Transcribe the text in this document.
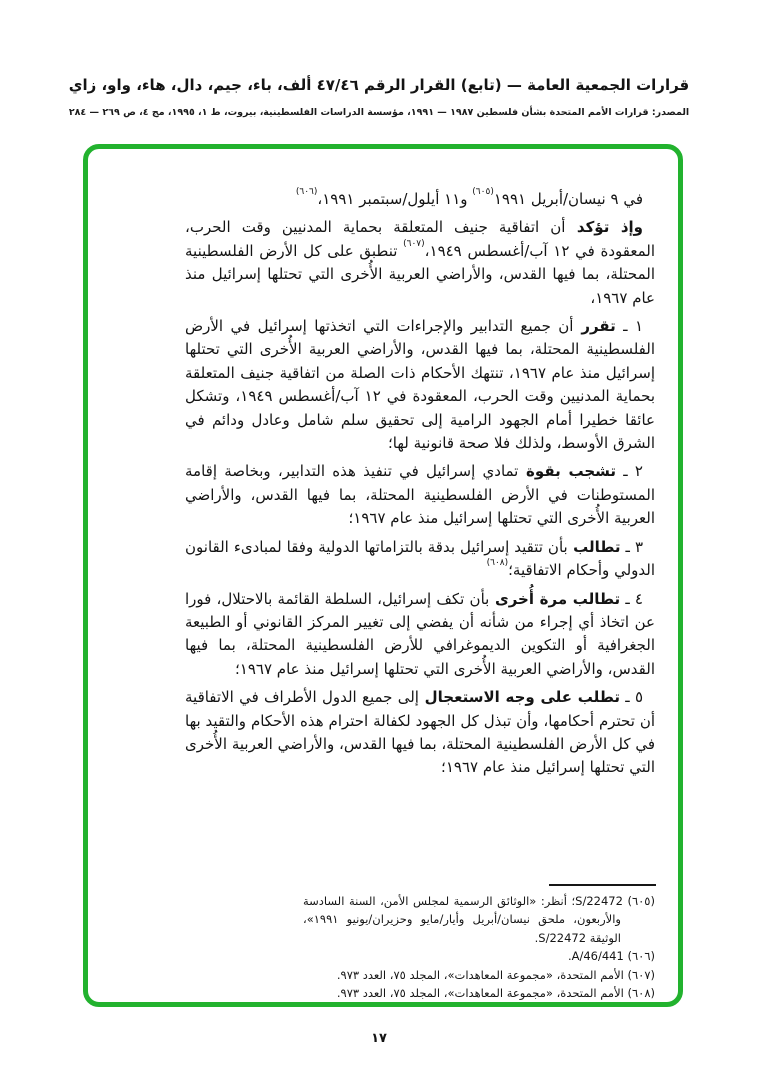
قرارات الجمعية العامة — (تابع) القرار الرقم ٤٧/٤٦ ألف، باء، جيم، دال، هاء، واو، زاي
المصدر: قرارات الأمم المتحدة بشأن فلسطين ١٩٨٧ — ١٩٩١، مؤسسة الدراسات الفلسطينية، بيروت، ط ١، ١٩٩٥، مج ٤، ص ٢٦٩ — ٢٨٤

في ٩ نيسان/أبريل ١٩٩١$^{(٦٠٥)}$ و١١ أيلول/سبتمبر ١٩٩١،$^{(٦٠٦)}$

وإذ تؤكد أن اتفاقية جنيف المتعلقة بحماية المدنيين وقت الحرب، المعقودة في ١٢ آب/أغسطس ١٩٤٩،$^{(٦٠٧)}$ تنطبق على كل الأرض الفلسطينية المحتلة، بما فيها القدس، والأراضي العربية الأُخرى التي تحتلها إسرائيل منذ عام ١٩٦٧،

١ ـ تقرر أن جميع التدابير والإجراءات التي اتخذتها إسرائيل في الأرض الفلسطينية المحتلة، بما فيها القدس، والأراضي العربية الأُخرى التي تحتلها إسرائيل منذ عام ١٩٦٧، تنتهك الأحكام ذات الصلة من اتفاقية جنيف المتعلقة بحماية المدنيين وقت الحرب، المعقودة في ١٢ آب/أغسطس ١٩٤٩، وتشكل عائقا خطيرا أمام الجهود الرامية إلى تحقيق سلم شامل وعادل ودائم في الشرق الأوسط، ولذلك فلا صحة قانونية لها؛

٢ ـ تشجب بقوة تمادي إسرائيل في تنفيذ هذه التدابير، وبخاصة إقامة المستوطنات في الأرض الفلسطينية المحتلة، بما فيها القدس، والأراضي العربية الأُخرى التي تحتلها إسرائيل منذ عام ١٩٦٧؛

٣ ـ تطالب بأن تتقيد إسرائيل بدقة بالتزاماتها الدولية وفقا لمبادىء القانون الدولي وأحكام الاتفاقية؛$^{(٦٠٨)}$

٤ ـ تطالب مرة أُخرى بأن تكف إسرائيل، السلطة القائمة بالاحتلال، فورا عن اتخاذ أي إجراء من شأنه أن يفضي إلى تغيير المركز القانوني أو الطبيعة الجغرافية أو التكوين الديموغرافي للأرض الفلسطينية المحتلة، بما فيها القدس، والأراضي العربية الأُخرى التي تحتلها إسرائيل منذ عام ١٩٦٧؛

٥ ـ تطلب على وجه الاستعجال إلى جميع الدول الأطراف في الاتفاقية أن تحترم أحكامها، وأن تبذل كل الجهود لكفالة احترام هذه الأحكام والتقيد بها في كل الأرض الفلسطينية المحتلة، بما فيها القدس، والأراضي العربية الأُخرى التي تحتلها إسرائيل منذ عام ١٩٦٧؛

(٦٠٥) S/22472؛ أنظر: «الوثائق الرسمية لمجلس الأمن، السنة السادسة والأربعون، ملحق نيسان/أبريل وأيار/مايو وحزيران/يونيو ١٩٩١»، الوثيقة S/22472.

(٦٠٦) A/46/441.

(٦٠٧) الأمم المتحدة، «مجموعة المعاهدات»، المجلد ٧٥، العدد ٩٧٣.

(٦٠٨) الأمم المتحدة، «مجموعة المعاهدات»، المجلد ٧٥، العدد ٩٧٣.

١٧
